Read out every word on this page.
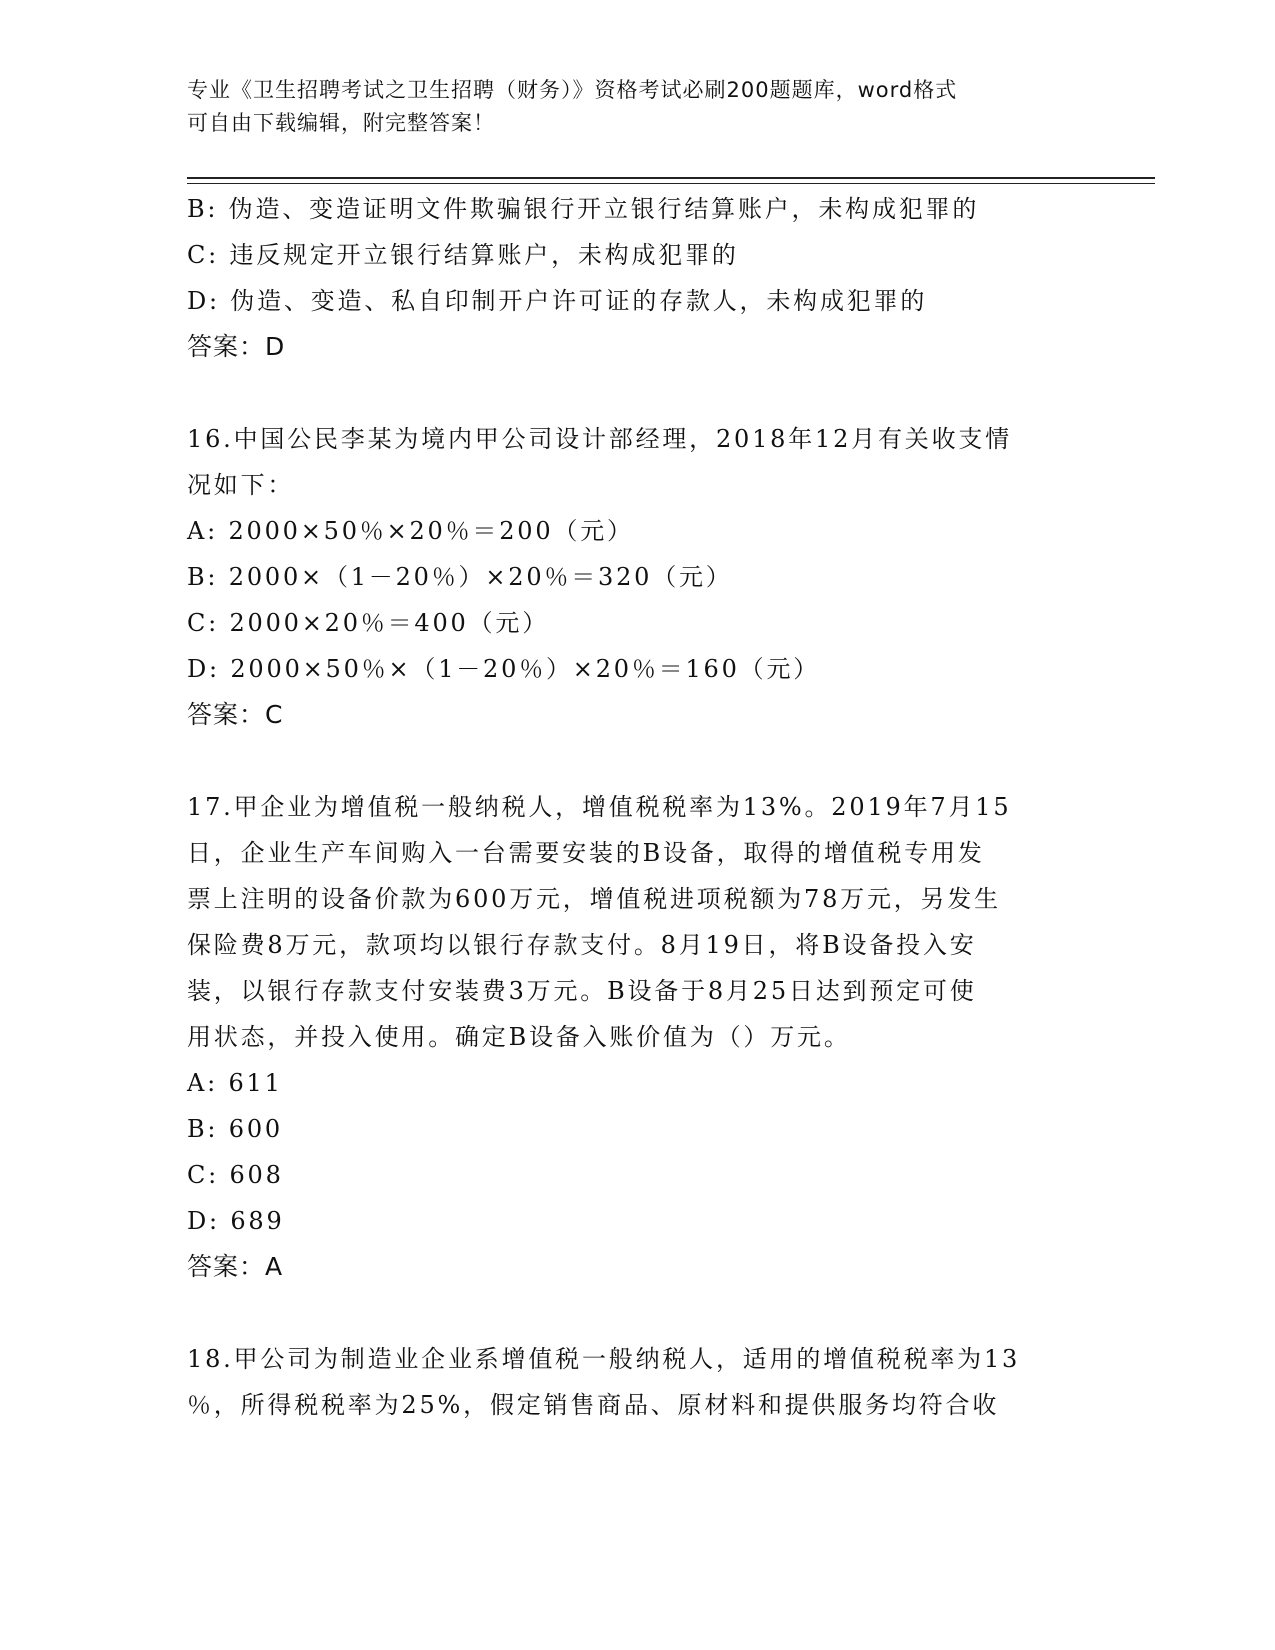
专业《卫生招聘考试之卫生招聘（财务）》资格考试必刷200题题库，word格式
可自由下载编辑，附完整答案！
B: 伪造、变造证明文件欺骗银行开立银行结算账户，未构成犯罪的
C: 违反规定开立银行结算账户，未构成犯罪的
D: 伪造、变造、私自印制开户许可证的存款人，未构成犯罪的
答案：D
16.中国公民李某为境内甲公司设计部经理，2018年12月有关收支情
况如下：
A: 2000×50％×20％＝200（元）
B: 2000×（1－20％）×20％＝320（元）
C: 2000×20％＝400（元）
D: 2000×50％×（1－20％）×20％＝160（元）
答案：C
17.甲企业为增值税一般纳税人，增值税税率为13%。2019年7月15
日，企业生产车间购入一台需要安装的B设备，取得的增值税专用发
票上注明的设备价款为600万元，增值税进项税额为78万元，另发生
保险费8万元，款项均以银行存款支付。8月19日，将B设备投入安
装，以银行存款支付安装费3万元。B设备于8月25日达到预定可使
用状态，并投入使用。确定B设备入账价值为（）万元。
A: 611
B: 600
C: 608
D: 689
答案：A
18.甲公司为制造业企业系增值税一般纳税人，适用的增值税税率为13
％，所得税税率为25%，假定销售商品、原材料和提供服务均符合收
